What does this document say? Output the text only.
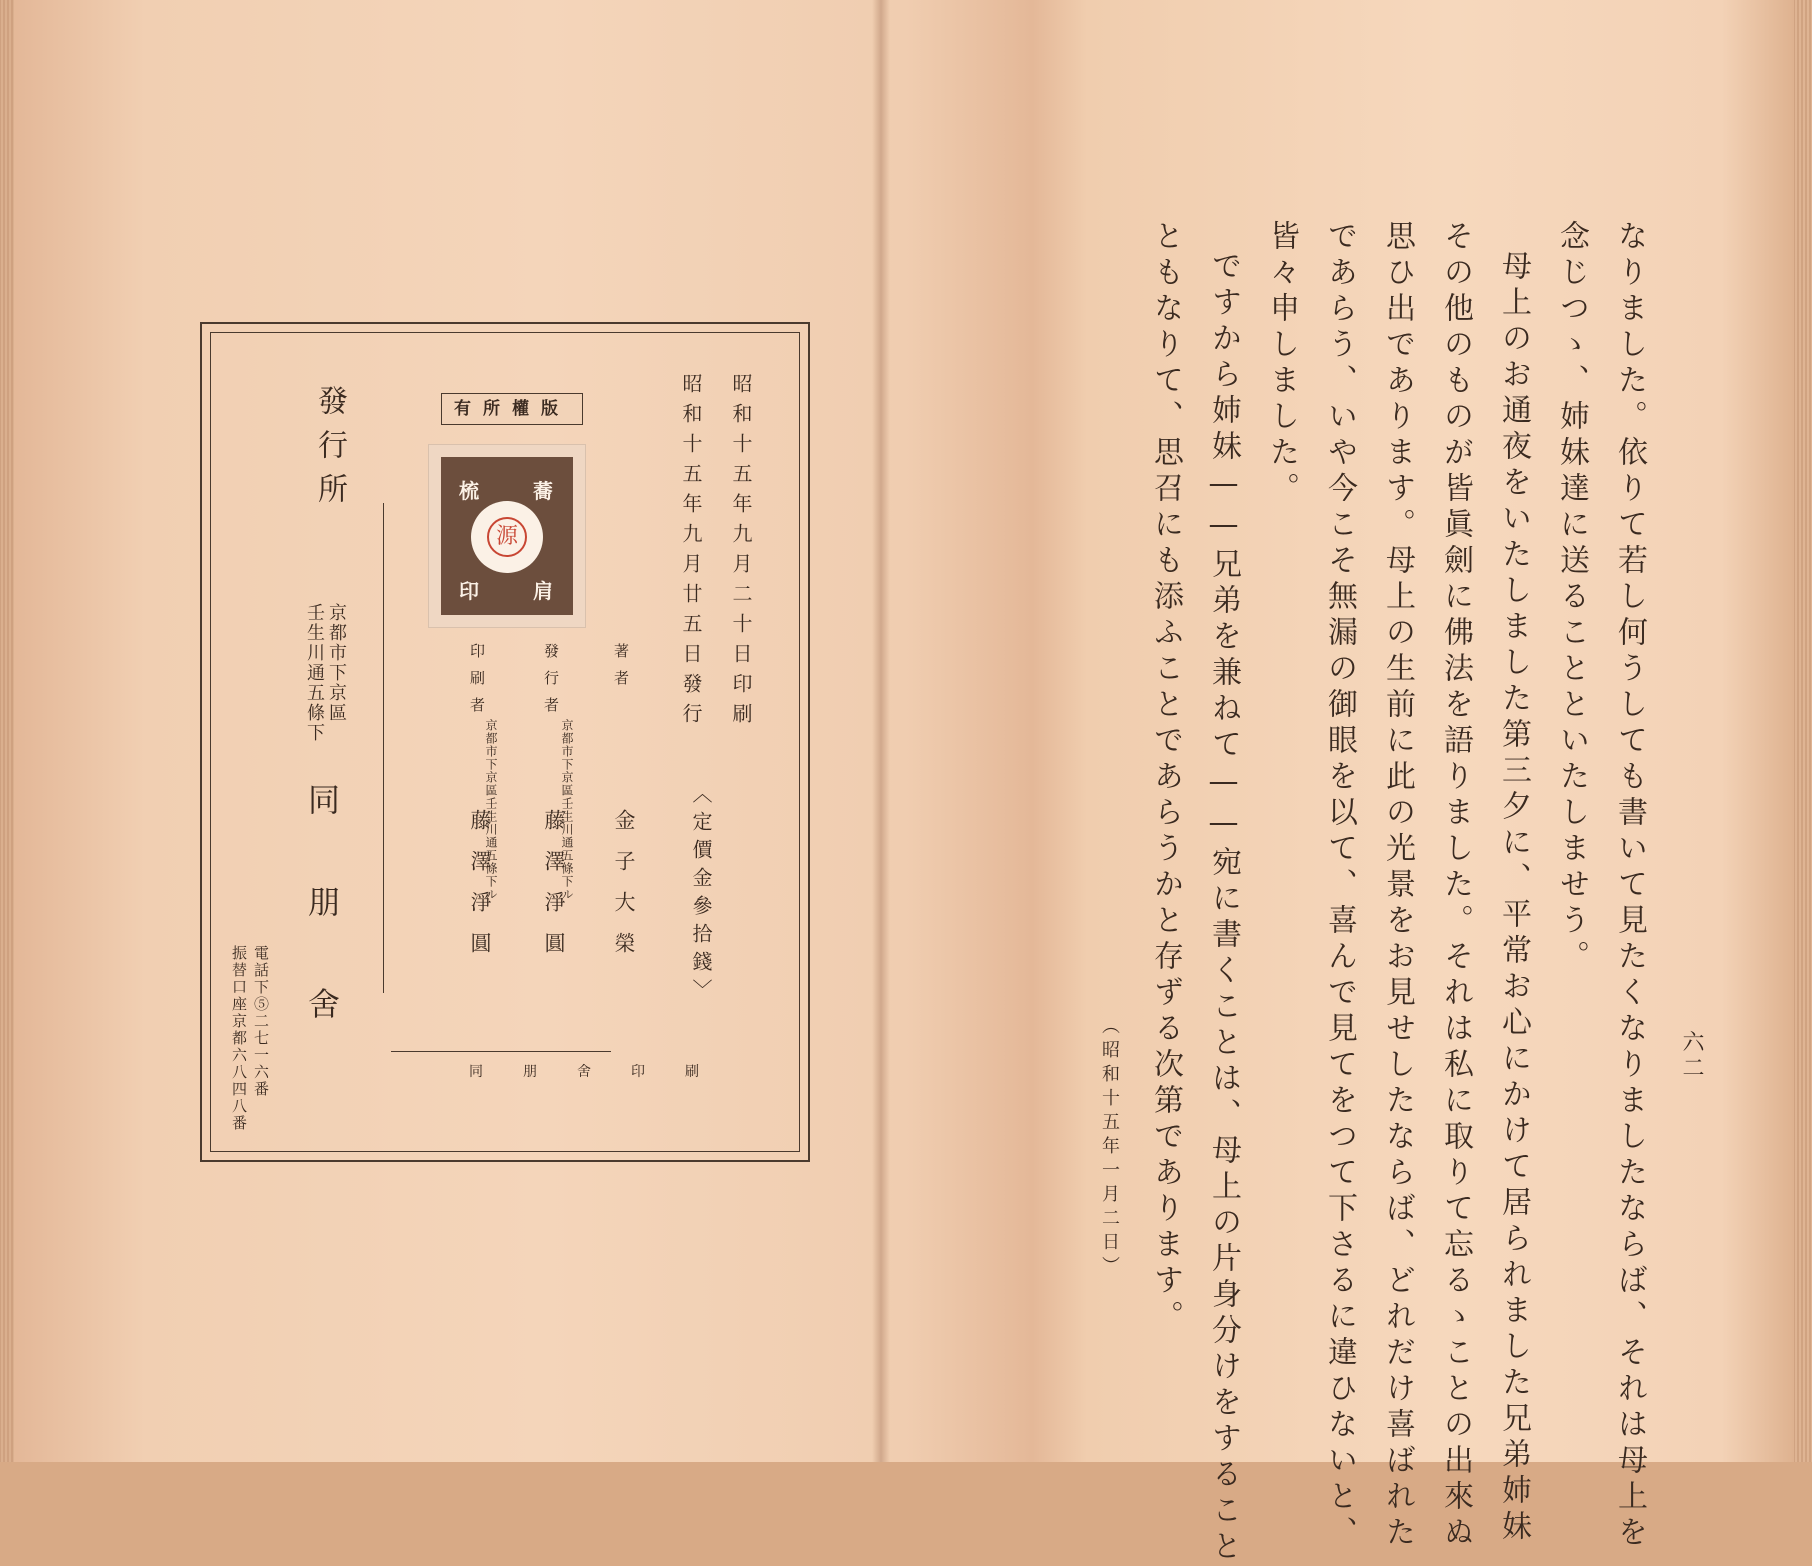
昭和十五年九月二十日印刷
昭和十五年九月廿五日發行
〈定價金參拾錢〉
有所權版
源
蕎
梳
肩
印
著者
發行者
印刷者
京都市下京區壬生川通五條下ル
京都市下京區壬生川通五條下ル	金子大榮
藤澤淨圓
藤澤淨圓
同朋舍印刷
發行所
京都市下京區
壬生川通五條下
同朋舍
電話下⑤二七一六番
振替口座京都六八四八番	六二
なりました。依りて若し何うしても書いて見たくなりましたならば、それは母上を
念じつゝ、姉妹達に送ることといたしませう。
母上のお通夜をいたしました第三夕に、平常お心にかけて居られました兄弟姉妹
その他のものが皆眞劍に佛法を語りました。それは私に取りて忘るゝことの出來ぬ
思ひ出であります。母上の生前に此の光景をお見せしたならば、どれだけ喜ばれた
であらう、いや今こそ無漏の御眼を以て、喜んで見てをつて下さるに違ひないと、
皆々申しました。
ですから姉妹——兄弟を兼ねて——宛に書くことは、母上の片身分けをすること
ともなりて、思召にも添ふことであらうかと存ずる次第であります。
（昭和十五年一月二日）
